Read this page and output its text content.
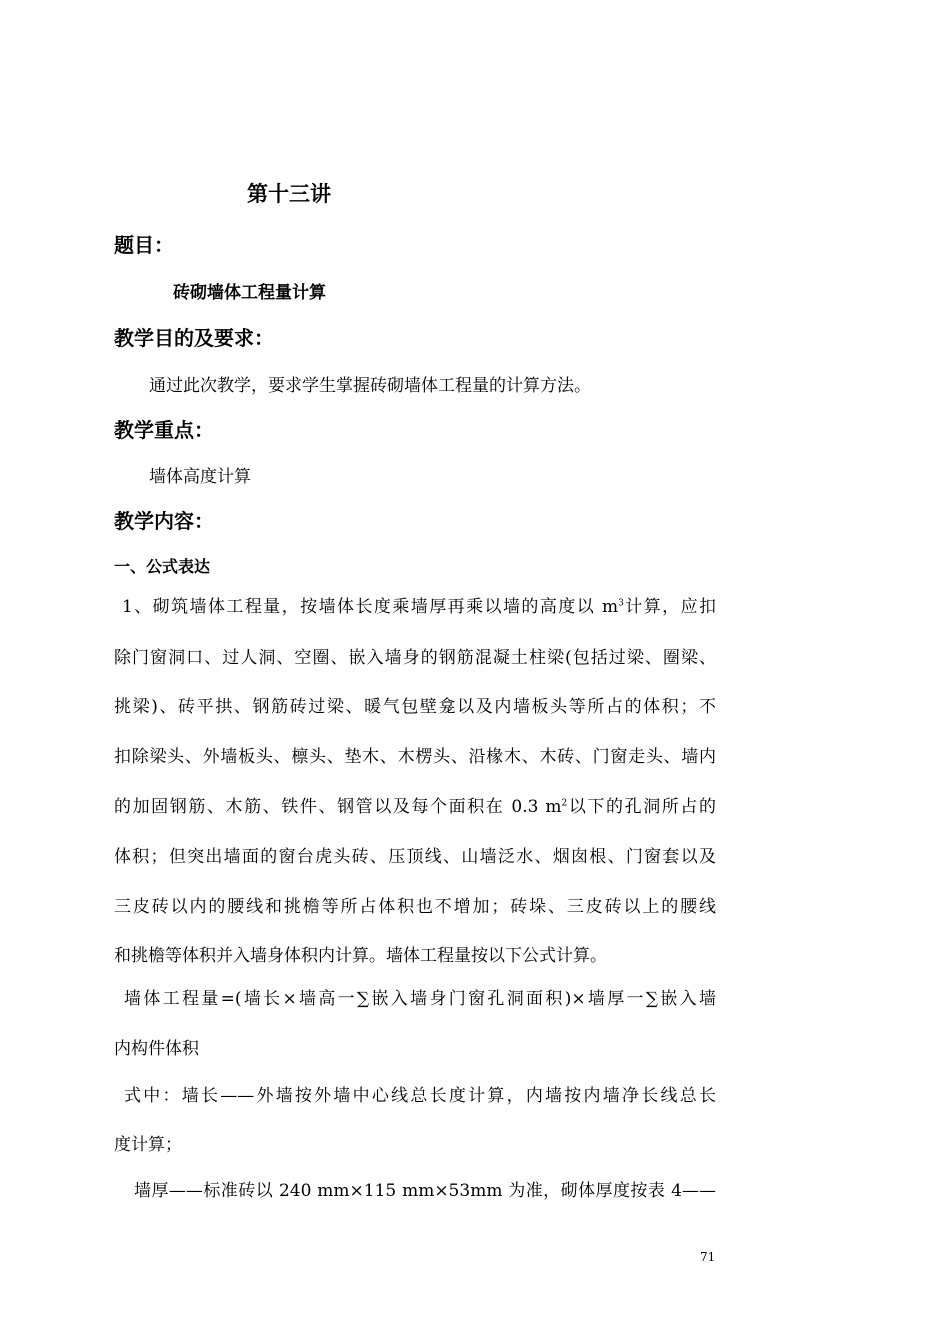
第十三讲
题目：
砖砌墙体工程量计算
教学目的及要求：
通过此次教学，要求学生掌握砖砌墙体工程量的计算方法。
教学重点：
墙体高度计算
教学内容：
一、公式表达
1、砌筑墙体工程量，按墙体长度乘墙厚再乘以墙的高度以 $m^3$计算，应扣
除门窗洞口、过人洞、空圈、嵌入墙身的钢筋混凝土柱梁(包括过梁、圈梁、
挑梁)、砖平拱、钢筋砖过梁、暖气包壁龛以及内墙板头等所占的体积；不
扣除梁头、外墙板头、檩头、垫木、木楞头、沿椽木、木砖、门窗走头、墙内
的加固钢筋、木筋、铁件、钢管以及每个面积在 0.3 $m^2$以下的孔洞所占的
体积；但突出墙面的窗台虎头砖、压顶线、山墙泛水、烟囱根、门窗套以及
三皮砖以内的腰线和挑檐等所占体积也不增加；砖垛、三皮砖以上的腰线
和挑檐等体积并入墙身体积内计算。墙体工程量按以下公式计算。
墙体工程量=(墙长×墙高一∑嵌入墙身门窗孔洞面积)×墙厚一∑嵌入墙
内构件体积
式中：墙长——外墙按外墙中心线总长度计算，内墙按内墙净长线总长
度计算；
墙厚——标准砖以 240 mm×115 mm×53mm 为准，砌体厚度按表 4——
71
